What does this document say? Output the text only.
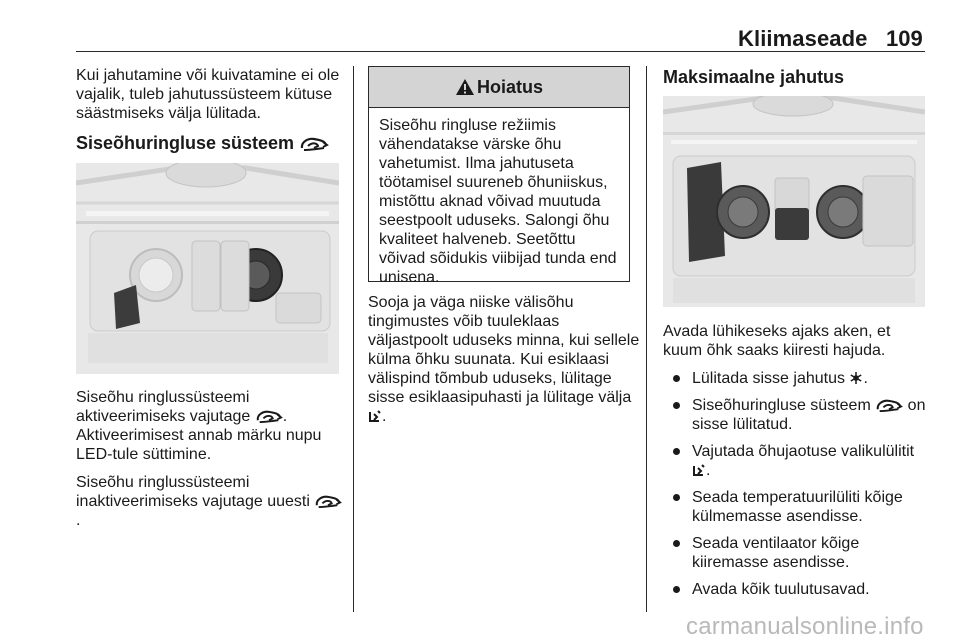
Kliimaseade 109

Kui jahutamine või kuivatamine ei ole vajalik, tuleb jahutussüsteem kütuse säästmiseks välja lülitada.

Siseõhuringluse süsteem

Siseõhu ringlussüsteemi aktiveerimiseks vajutage . Aktiveerimisest annab märku nupu LED-tule süttimine.

Siseõhu ringlussüsteemi inaktiveerimiseks vajutage uuesti .

Hoiatus
Siseõhu ringluse režiimis vähendatakse värske õhu vahetumist. Ilma jahutuseta töötamisel suureneb õhuniiskus, mistõttu aknad võivad muutuda seestpoolt uduseks. Salongi õhu kvaliteet halveneb. Seetõttu võivad sõidukis viibijad tunda end unisena.

Sooja ja väga niiske välisõhu tingimustes võib tuuleklaas väljastpoolt uduseks minna, kui sellele külma õhku suunata. Kui esiklaasi välispind tõmbub uduseks, lülitage sisse esiklaasipuhasti ja lülitage välja .

Maksimaalne jahutus

Avada lühikeseks ajaks aken, et kuum õhk saaks kiiresti hajuda.

Lülitada sisse jahutus .
Siseõhuringluse süsteem on sisse lülitatud.
Vajutada õhujaotuse valikulülitit
.
Seada temperatuurilüliti kõige külmemasse asendisse.
Seada ventilaator kõige kiiremasse asendisse.
Avada kõik tuulutusavad.
carmanualsonline.info
